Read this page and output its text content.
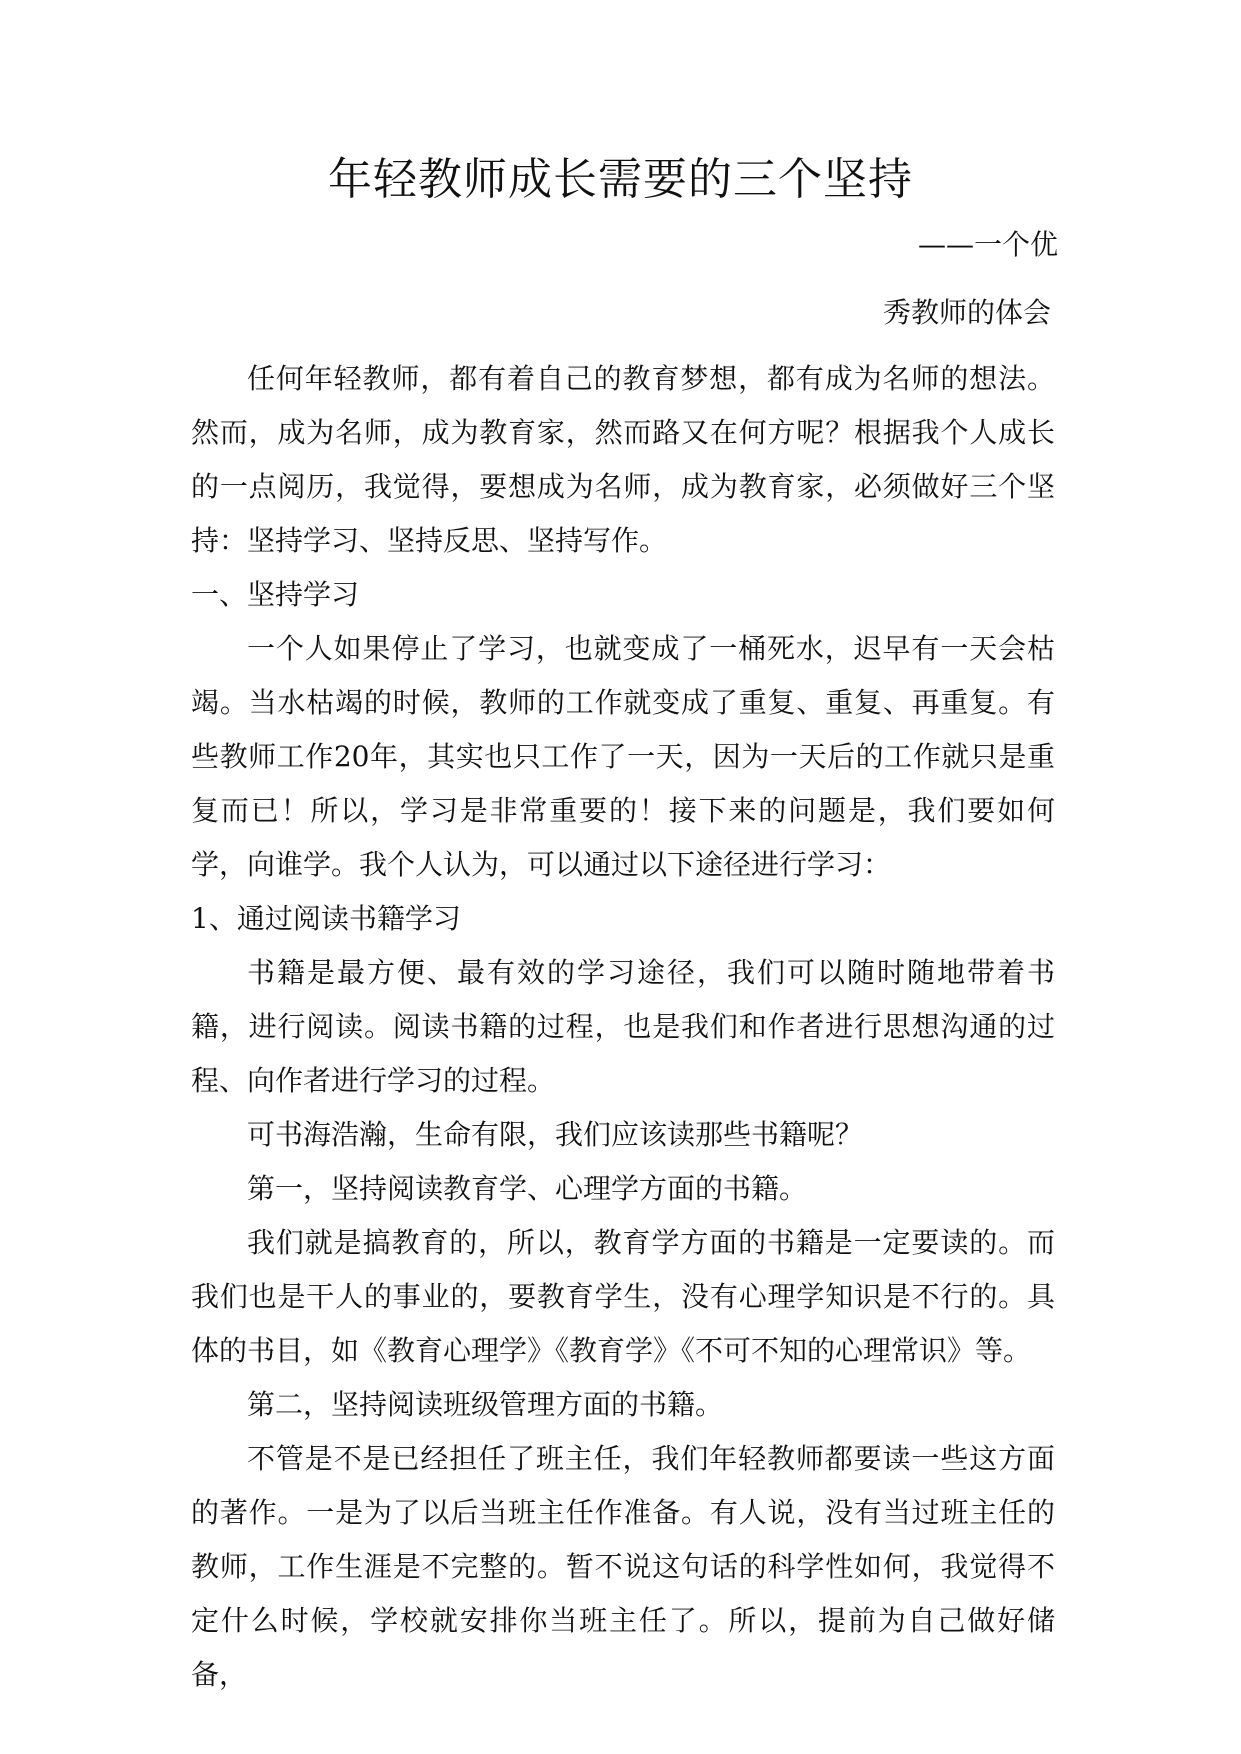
年轻教师成长需要的三个坚持
——一个优
秀教师的体会

任何年轻教师，都有着自己的教育梦想，都有成为名师的想法。然而，成为名师，成为教育家，然而路又在何方呢？根据我个人成长的一点阅历，我觉得，要想成为名师，成为教育家，必须做好三个坚持：坚持学习、坚持反思、坚持写作。

一、坚持学习

一个人如果停止了学习，也就变成了一桶死水，迟早有一天会枯竭。当水枯竭的时候，教师的工作就变成了重复、重复、再重复。有些教师工作20年，其实也只工作了一天，因为一天后的工作就只是重复而已！所以，学习是非常重要的！接下来的问题是，我们要如何学，向谁学。我个人认为，可以通过以下途径进行学习：

1、通过阅读书籍学习

书籍是最方便、最有效的学习途径，我们可以随时随地带着书籍，进行阅读。阅读书籍的过程，也是我们和作者进行思想沟通的过程、向作者进行学习的过程。

可书海浩瀚，生命有限，我们应该读那些书籍呢？

第一，坚持阅读教育学、心理学方面的书籍。

我们就是搞教育的，所以，教育学方面的书籍是一定要读的。而我们也是干人的事业的，要教育学生，没有心理学知识是不行的。具体的书目，如《教育心理学》《教育学》《不可不知的心理常识》等。

第二，坚持阅读班级管理方面的书籍。

不管是不是已经担任了班主任，我们年轻教师都要读一些这方面的著作。一是为了以后当班主任作准备。有人说，没有当过班主任的教师，工作生涯是不完整的。暂不说这句话的科学性如何，我觉得不定什么时候，学校就安排你当班主任了。所以，提前为自己做好储备，
